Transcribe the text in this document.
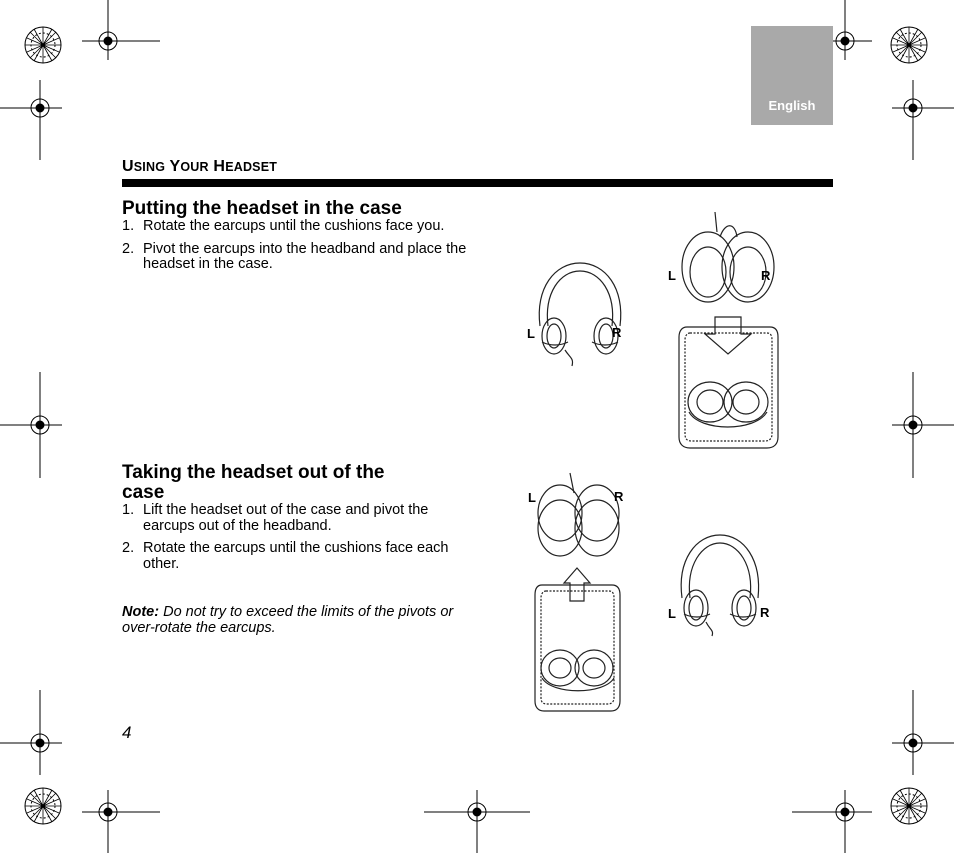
English
USING YOUR HEADSET
Putting the headset in the case
1. Rotate the earcups until the cushions face you.
2. Pivot the earcups into the headband and place the headset in the case.
Taking the headset out of the case
1. Lift the headset out of the case and pivot the earcups out of the headband.
2. Rotate the earcups until the cushions face each other.
Note: Do not try to exceed the limits of the pivots or over-rotate the earcups.
4
L	R
L	R
L	R
L	R
